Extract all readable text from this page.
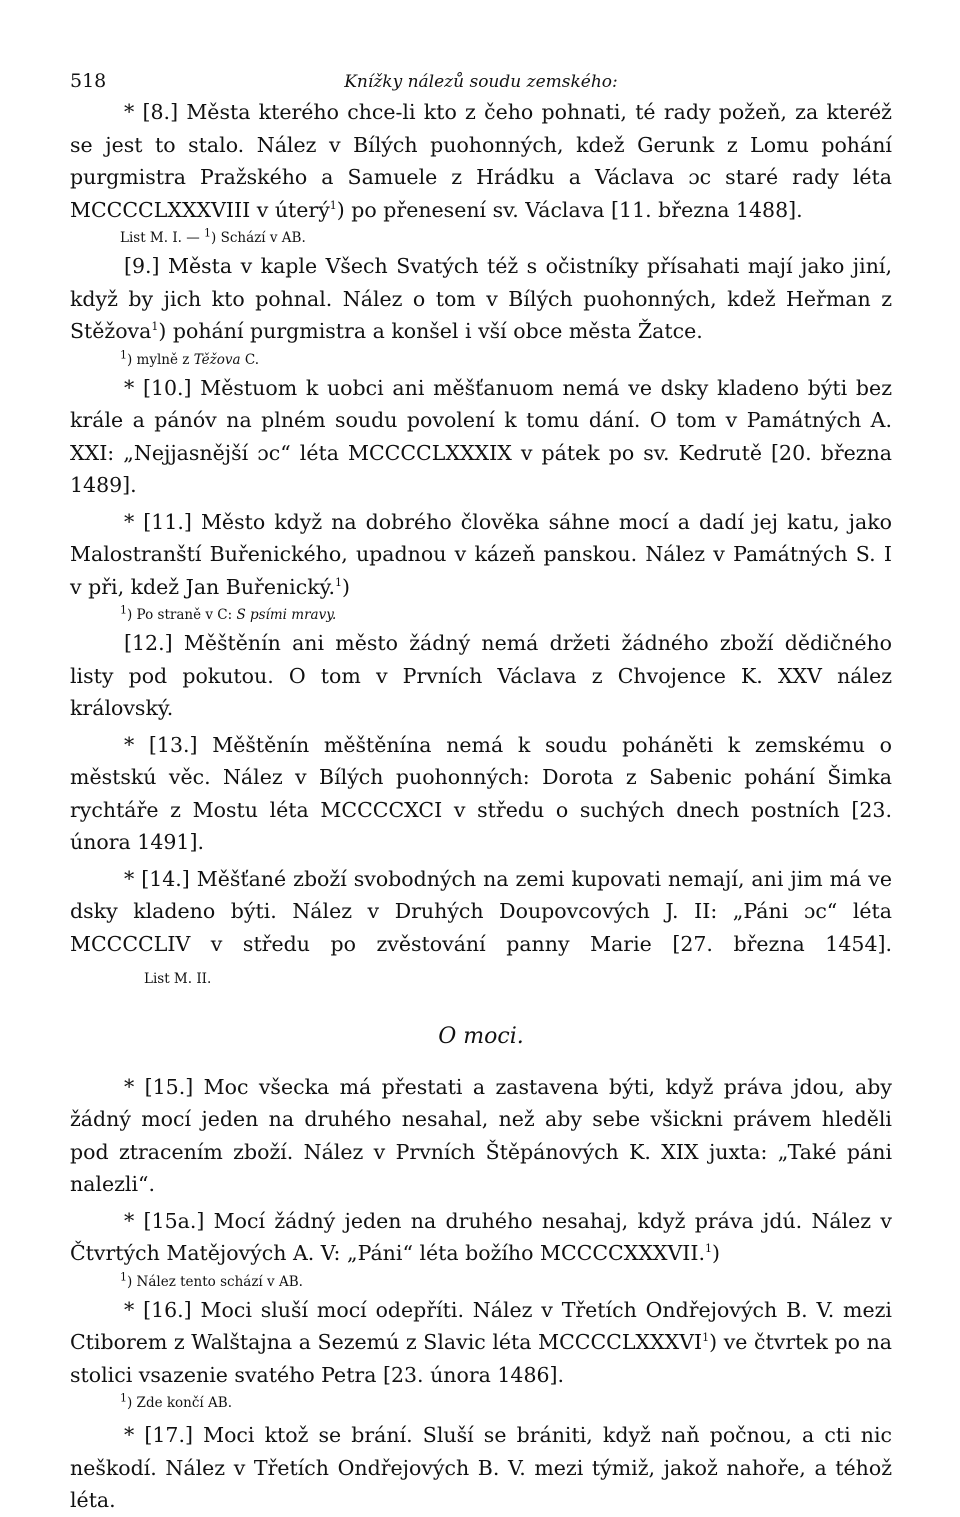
518	Knížky nálezů soudu zemského:

* [8.] Města kterého chce-li kto z čeho pohnati, té rady požeň, za kteréž se jest to stalo. Nález v Bílých puohonných, kdež Gerunk z Lomu pohání purgmistra Pražského a Samuele z Hrádku a Václava ɔc staré rady léta MCCCCLXXXVIII v úterý$^1$) po přenesení sv. Václava [11. března 1488].

List M. I. — $^1$) Schází v AB.

[9.] Města v kaple Všech Svatých též s očistníky přísahati mají jako jiní, když by jich kto pohnal. Nález o tom v Bílých puohonných, kdež Heřman z Stěžova$^1$) pohání purgmistra a konšel i vší obce města Žatce.

$^1$) mylně z Těžova C.

* [10.] Městuom k uobci ani měšťanuom nemá ve dsky kladeno býti bez krále a pánóv na plném soudu povolení k tomu dání. O tom v Památných A. XXI: „Nejjasnější ɔc“ léta MCCCCLXXXIX v pátek po sv. Kedrutě [20. března 1489].

* [11.] Město když na dobrého člověka sáhne mocí a dadí jej katu, jako Malostranští Buřenického, upadnou v kázeň panskou. Nález v Památných S. I v při, kdež Jan Buřenický.$^1$)

$^1$) Po straně v C: S psími mravy.

[12.] Měštěnín ani město žádný nemá držeti žádného zboží dědičného listy pod pokutou. O tom v Prvních Václava z Chvojence K. XXV nález královský.

* [13.] Měštěnín měštěnína nemá k soudu poháněti k zemskému o městskú věc. Nález v Bílých puohonných: Dorota z Sabenic pohání Šimka rychtáře z Mostu léta MCCCCXCI v středu o suchých dnech postních [23. února 1491].

* [14.] Měšťané zboží svobodných na zemi kupovati nemají, ani jim má ve dsky kladeno býti. Nález v Druhých Doupovcových J. II: „Páni ɔc“ léta MCCCCLIV v středu po zvěstování panny Marie [27. března 1454].List M. II.

O moci.

* [15.] Moc všecka má přestati a zastavena býti, když práva jdou, aby žádný mocí jeden na druhého nesahal, než aby sebe všickni právem hleděli pod ztracením zboží. Nález v Prvních Štěpánových K. XIX juxta: „Také páni nalezli“.

* [15a.] Mocí žádný jeden na druhého nesahaj, když práva jdú. Nález v Čtvrtých Matějových A. V: „Páni“ léta božího MCCCCXXXVII.$^1$)

$^1$) Nález tento schází v AB.

* [16.] Moci sluší mocí odepříti. Nález v Třetích Ondřejových B. V. mezi Ctiborem z Walštajna a Sezemú z Slavic léta MCCCCLXXXVI$^1$) ve čtvrtek po na stolici vsazenie svatého Petra [23. února 1486].

$^1$) Zde končí AB.

* [17.] Moci ktož se brání. Sluší se brániti, když naň počnou, a cti nic neškodí. Nález v Třetích Ondřejových B. V. mezi týmiž, jakož nahoře, a téhož léta.
